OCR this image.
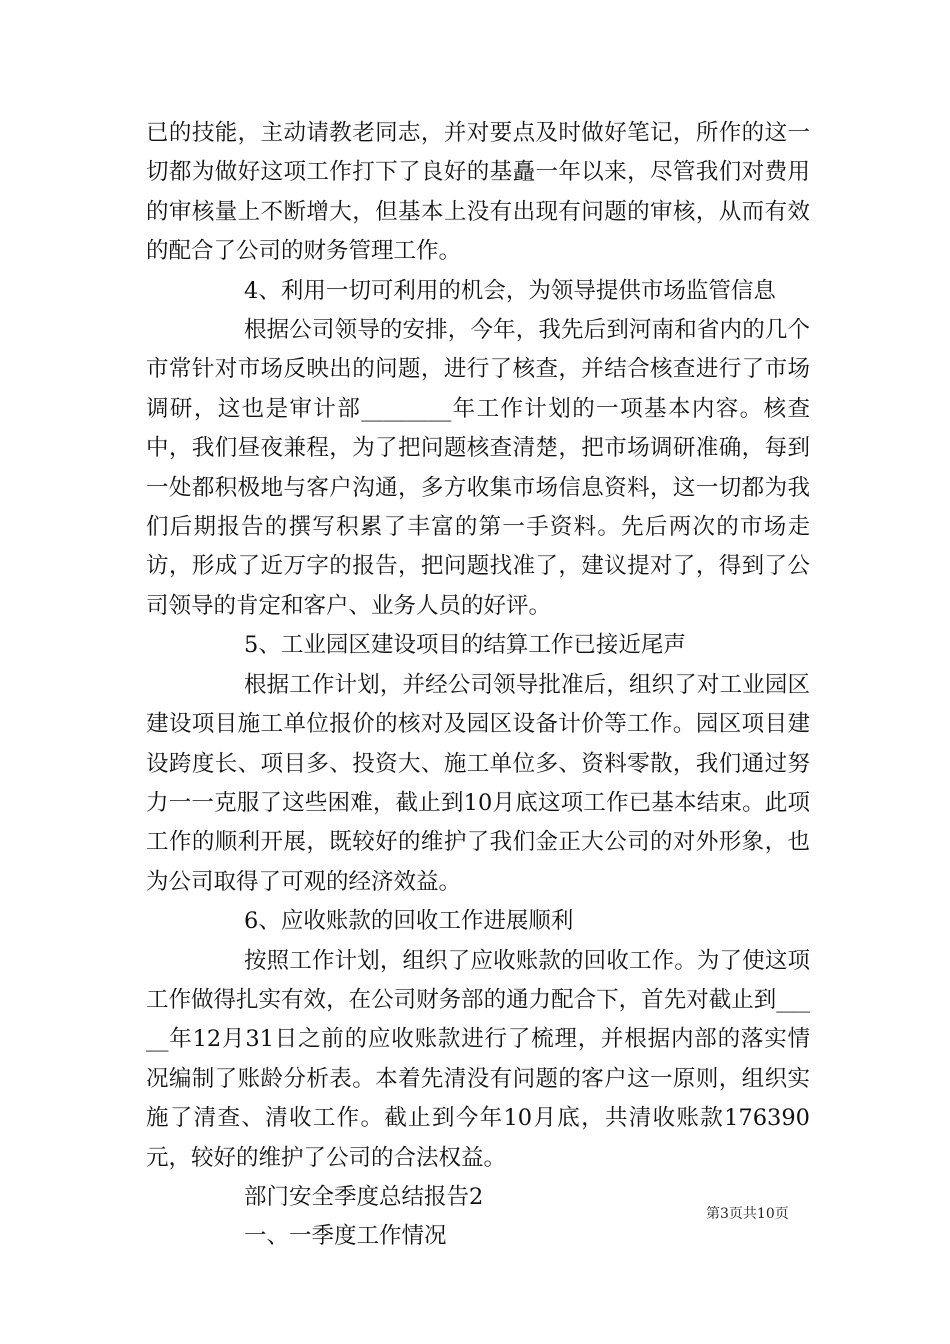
已的技能，主动请教老同志，并对要点及时做好笔记，所作的这一切都为做好这项工作打下了良好的基矗一年以来，尽管我们对费用的审核量上不断增大，但基本上没有出现有问题的审核，从而有效的配合了公司的财务管理工作。

4、利用一切可利用的机会，为领导提供市场监管信息

根据公司领导的安排，今年，我先后到河南和省内的几个市常针对市场反映出的问题，进行了核查，并结合核查进行了市场调研，这也是审计部________年工作计划的一项基本内容。核查中，我们昼夜兼程，为了把问题核查清楚，把市场调研准确，每到一处都积极地与客户沟通，多方收集市场信息资料，这一切都为我们后期报告的撰写积累了丰富的第一手资料。先后两次的市场走访，形成了近万字的报告，把问题找准了，建议提对了，得到了公司领导的肯定和客户、业务人员的好评。

5、工业园区建设项目的结算工作已接近尾声

根据工作计划，并经公司领导批准后，组织了对工业园区建设项目施工单位报价的核对及园区设备计价等工作。园区项目建设跨度长、项目多、投资大、施工单位多、资料零散，我们通过努力一一克服了这些困难，截止到10月底这项工作已基本结束。此项工作的顺利开展，既较好的维护了我们金正大公司的对外形象，也为公司取得了可观的经济效益。

6、应收账款的回收工作进展顺利

按照工作计划，组织了应收账款的回收工作。为了使这项工作做得扎实有效，在公司财务部的通力配合下，首先对截止到_____年12月31日之前的应收账款进行了梳理，并根据内部的落实情况编制了账龄分析表。本着先清没有问题的客户这一原则，组织实施了清查、清收工作。截止到今年10月底，共清收账款176390元，较好的维护了公司的合法权益。

部门安全季度总结报告2

一、一季度工作情况

第3页共10页
